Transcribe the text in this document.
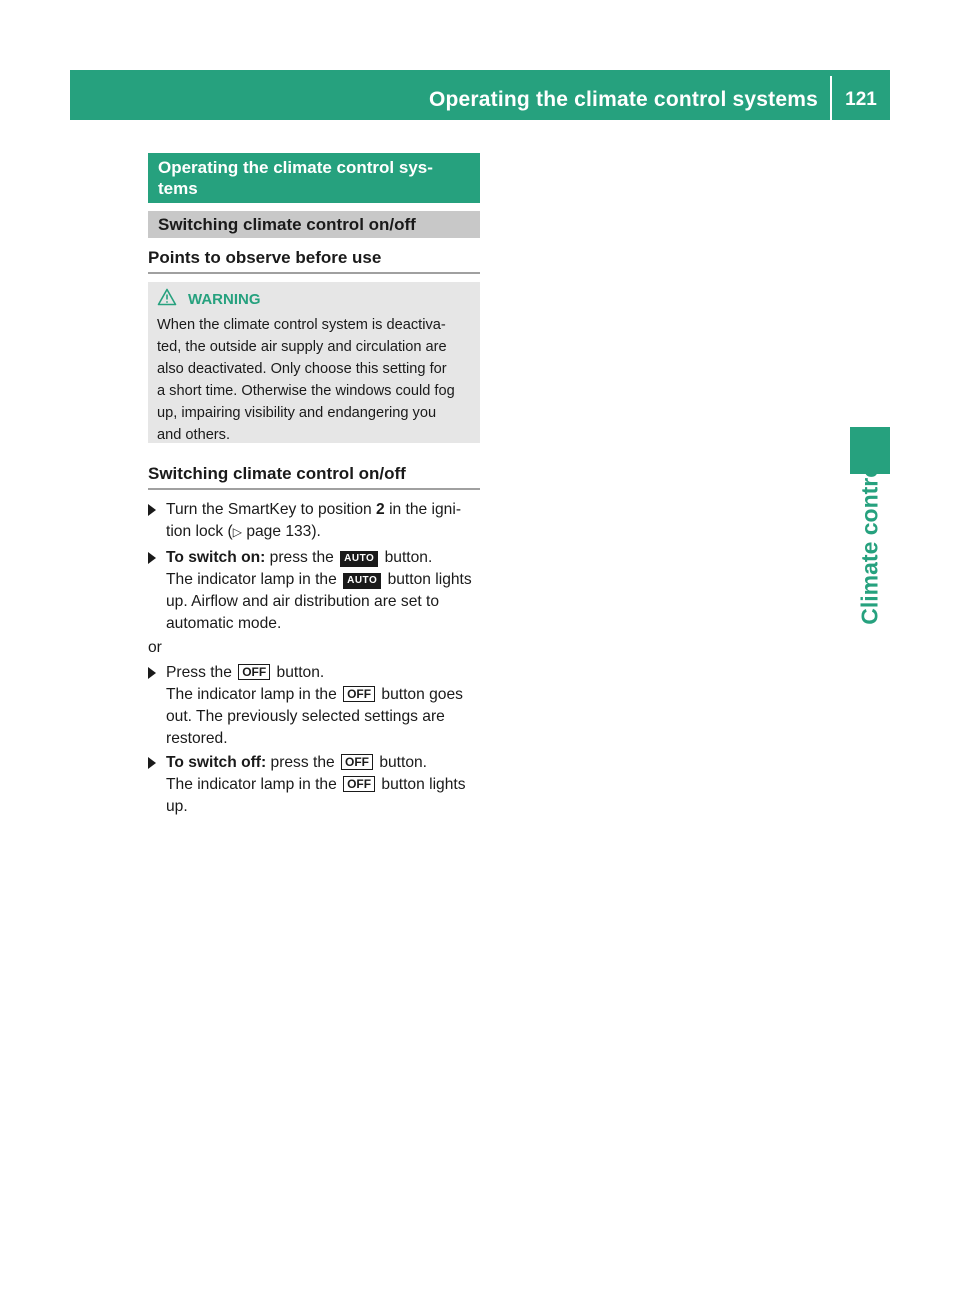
Operating the climate control systems	121
Climate control
Operating the climate control sys-
tems
Switching climate control on/off
Points to observe before use
WARNING
When the climate control system is deactiva-
ted, the outside air supply and circulation are
also deactivated. Only choose this setting for
a short time. Otherwise the windows could fog
up, impairing visibility and endangering you
and others.
Switching climate control on/off
Turn the SmartKey to position 2 in the igni-
tion lock (▷ page 133).
To switch on: press the AUTO button.
The indicator lamp in the AUTO button lights
up. Airflow and air distribution are set to
automatic mode.
or
Press the OFF button.
The indicator lamp in the OFF button goes
out. The previously selected settings are
restored.
To switch off: press the OFF button.
The indicator lamp in the OFF button lights
up.
